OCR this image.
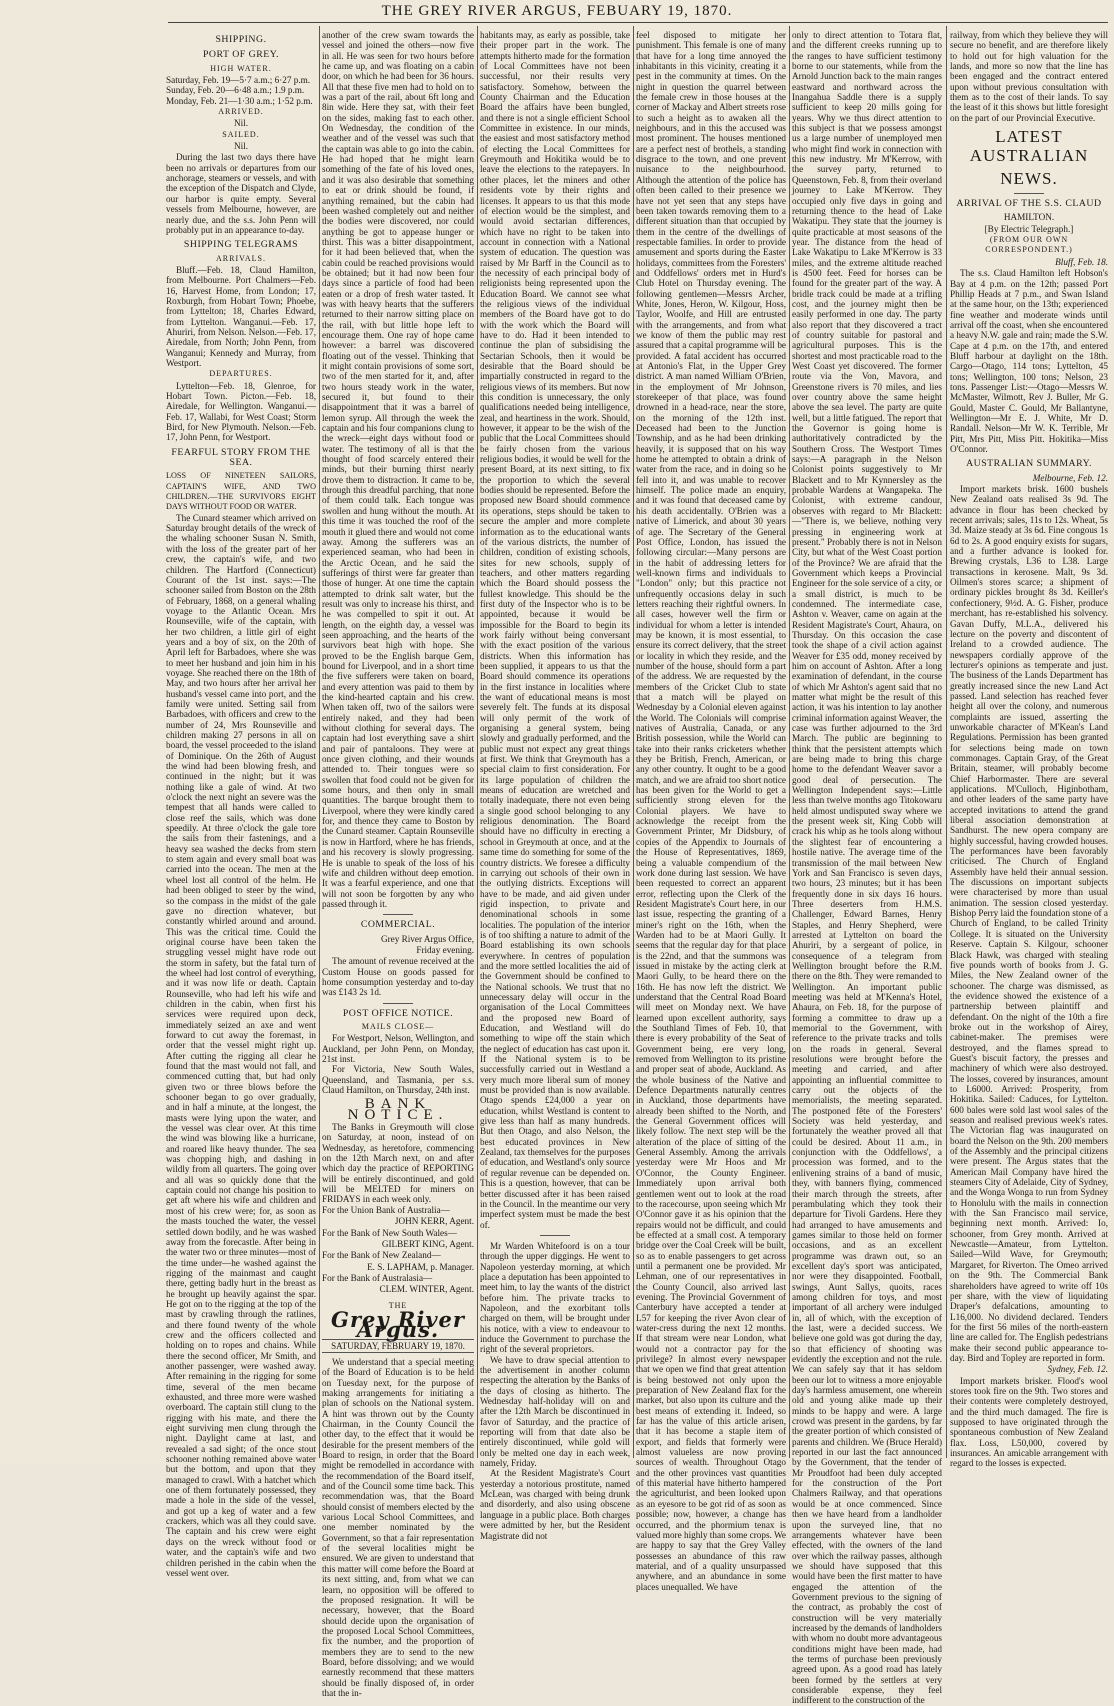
THE GREY RIVER ARGUS, FEBUARY 19, 1870.
SHIPPING.
PORT OF GREY.
HIGH WATER.

Saturday, Feb. 19—5·7 a.m.; 6·27 p.m.

Sunday, Feb. 20—6·48 a.m.; 1.9 p.m.

Monday, Feb. 21—1·30 a.m.; 1·52 p.m.

ARRIVED.
Nil.
SAILED.
Nil.

During the last two days there have been no arrivals or departures from our anchorage, steamers or vessels, and with the exception of the Dispatch and Clyde, our harbor is quite empty. Several vessels from Melbourne, however, are nearly due, and the s.s. John Penn will probably put in an appearance to-day.

SHIPPING TELEGRAMS
ARRIVALS.

Bluff.—Feb. 18, Claud Hamilton, from Melbourne. Port Chalmers—Feb. 16, Harvest Home, from London; 17, Roxburgh, from Hobart Town; Phoebe, from Lyttelton; 18, Charles Edward, from Lyttelton. Wanganui.—Feb. 17, Ahuriri, from Nelson. Nelson.—Feb. 17, Airedale, from North; John Penn, from Wanganui; Kennedy and Murray, from Westport.

DEPARTURES.

Lyttelton—Feb. 18, Glenroe, for Hobart Town. Picton.—Feb. 18, Airedale, for Wellington. Wanganui.—Feb. 17, Wallabi, for West Coast; Storm Bird, for New Plymouth. Nelson.—Feb. 17, John Penn, for Westport.

FEARFUL STORY FROM THE SEA.

LOSS OF NINETEEN SAILORS, CAPTAIN'S WIFE, AND TWO CHILDREN.—THE SURVIVORS EIGHT DAYS WITHOUT FOOD OR WATER.

The Cunard steamer which arrived on Saturday brought details of the wreck of the whaling schooner Susan N. Smith, with the loss of the greater part of her crew, the captain's wife, and two children. The Hartford (Connecticut) Courant of the 1st inst. says:—The schooner sailed from Boston on the 28th of February, 1868, on a general whaling voyage to the Atlantic Ocean. Mrs Rounseville, wife of the captain, with her two children, a little girl of eight years and a boy of six, on the 20th of April left for Barbadoes, where she was to meet her husband and join him in his voyage. She reached there on the 18th of May, and two hours after her arrival her husband's vessel came into port, and the family were united. Setting sail from Barbadoes, with officers and crew to the number of 24, Mrs Rounseville and children making 27 persons in all on board, the vessel proceeded to the island of Dominique. On the 26th of August the wind had been blowing fresh, and continued in the night; but it was nothing like a gale of wind. At two o'clock the next night an severe was the tempest that all hands were called to close reef the sails, which was done speedily. At three o'clock the gale tore the sails from their fastenings, and a heavy sea washed the decks from stern to stem again and every small boat was carried into the ocean. The men at the wheel lost all control of the helm. He had been obliged to steer by the wind, so the compass in the midst of the gale gave no direction whatever, but constantly whirled around and around. This was the critical time. Could the original course have been taken the struggling vessel might have rode out the storm in safety, but the fatal turn of the wheel had lost control of everything, and it was now life or death. Captain Rounseville, who had left his wife and children in the cabin, when first his services were required upon deck, immediately seized an axe and went forward to cut away the foremast, in order that the vessel might right up. After cutting the rigging all clear he found that the mast would not fall, and commenced cutting that, but had only given two or three blows before the schooner began to go over gradually, and in half a minute, at the longest, the masts were lying upon the water, and the vessel was clear over. At this time the wind was blowing like a hurricane, and roared like heavy thunder. The sea was chopping high, and dashing in wildly from all quarters. The going over and all was so quickly done that the captain could not change his position to get aft where his wife and children and most of his crew were; for, as soon as the masts touched the water, the vessel settled down bodily, and he was washed away from the forecastle. After being in the water two or three minutes—most of the time under—he washed against the rigging of the mainmast and caught there, getting badly hurt in the breast as he brought up heavily against the spar. He got on to the rigging at the top of the mast by crawling through the ratlines, and there found twenty of the whole crew and the officers collected and holding on to ropes and chains. While there the second officer, Mr Smith, and another passenger, were washed away. After remaining in the rigging for some time, several of the men became exhausted, and three more were washed overboard. The captain still clung to the rigging with his mate, and there the eight surviving men clung through the night. Daylight came at last, and revealed a sad sight; of the once stout schooner nothing remained above water but the bottom, and upon that they managed to crawl. With a hatchet which one of them fortunately possessed, they made a hole in the side of the vessel, and got up a keg of water and a few crackers, which was all they could save. The captain and his crew were eight days on the wreck without food or water, and the captain's wife and two children perished in the cabin when the vessel went over.

another of the crew swam towards the vessel and joined the others—now five in all. He was seen for two hours before he came up, and was floating on a cabin door, on which he had been for 36 hours. All that these five men had to hold on to was a part of the rail, about 6ft long and 8in wide. Here they sat, with their feet on the sides, making fast to each other. On Wednesday, the condition of the weather and of the vessel was such that the captain was able to go into the cabin. He had hoped that he might learn something of the fate of his loved ones, and it was also desirable that something to eat or drink should be found, if anything remained, but the cabin had been washed completely out and neither the bodies were discovered, nor could anything be got to appease hunger or thirst. This was a bitter disappointment, for it had been believed that, when the cabin could be reached provisions would be obtained; but it had now been four days since a particle of food had been eaten or a drop of fresh water tasted. It was with heavy hearts that the sufferers returned to their narrow sitting place on the rail, with but little hope left to encourage them. One ray of hope came however: a barrel was discovered floating out of the vessel. Thinking that it might contain provisions of some sort, two of the men started for it, and, after two hours steady work in the water, secured it, but found to their disappointment that it was a barrel of lemon syrup. All through the week the captain and his four companions clung to the wreck—eight days without food or water. The testimony of all is that the thought of food scarcely entered their minds, but their burning thirst nearly drove them to distraction. It came to be, through this dreadful parching, that none of them could talk. Each tongue was swollen and hung without the mouth. At this time it was touched the roof of the mouth it glued there and would not come away. Among the sufferers was an experienced seaman, who had been in the Arctic Ocean, and he said the sufferings of thirst were far greater than those of hunger. At one time the captain attempted to drink salt water, but the result was only to increase his thirst, and he was compelled to spit it out. At length, on the eighth day, a vessel was seen approaching, and the hearts of the survivors beat high with hope. She proved to be the English barque Gem, bound for Liverpool, and in a short time the five sufferers were taken on board, and every attention was paid to them by the kind-hearted captain and his crew. When taken off, two of the sailors were entirely naked, and they had been without clothing for several days. The captain had lost everything save a shirt and pair of pantaloons. They were at once given clothing, and their wounds attended to. Their tongues were so swollen that food could not be given for some hours, and then only in small quantities. The barque brought them to Liverpool, where they were kindly cared for, and thence they came to Boston by the Cunard steamer. Captain Rounseville is now in Hartford, where he has friends, and his recovery is slowly progressing. He is unable to speak of the loss of his wife and children without deep emotion. It was a fearful experience, and one that will not soon be forgotten by any who passed through it.

COMMERCIAL.
Grey River Argus Office,
Friday evening.

The amount of revenue received at the Custom House on goods passed for home consumption yesterday and to-day was £143 2s 1d.

POST OFFICE NOTICE.
MAILS CLOSE—

For Westport, Nelson, Wellington, and Auckland, per John Penn, on Monday, 21st inst.

For Victoria, New South Wales, Queensland, and Tasmania, per s.s. Claud Hamilton, on Thursday, 24th inst.

BANK NOTICE.

The Banks in Greymouth will close on Saturday, at noon, instead of on Wednesday, as heretofore, commencing on the 12th March next, on and after which day the practice of REPORTING will be entirely discontinued, and gold will be MELTED for miners on FRIDAYS in each week only.

For the Union Bank of Australia—

JOHN KERR, Agent.

For the Bank of New South Wales—

GILBERT KING, Agent.

For the Bank of New Zealand—

E. S. LAPHAM, p. Manager.

For the Bank of Australasia—

CLEM. WINTER, Agent.
THE
Grey River Argus.
SATURDAY, FEBRUARY 19, 1870.

We understand that a special meeting of the Board of Education is to be held on Tuesday next, for the purpose of making arrangements for initiating a plan of schools on the National system. A hint was thrown out by the County Chairman, in the County Council the other day, to the effect that it would be desirable for the present members of the Board to resign, in order that the Board might be remodelled in accordance with the recommendation of the Board itself, and of the Council some time back. This recommendation was, that the Board should consist of members elected by the various Local School Committees, and one member nominated by the Government, so that a fair representation of the several localities might be ensured. We are given to understand that this matter will come before the Board at its next sitting, and, from what we can learn, no opposition will be offered to the proposed resignation. It will be necessary, however, that the Board should decide upon the organisation of the proposed Local School Committees, fix the number, and the proportion of members they are to send to the new Board, before dissolving; and we would earnestly recommend that these matters should be finally disposed of, in order that the in-

habitants may, as early as possible, take their proper part in the work. The attempts hitherto made for the formation of Local Committees have not been successful, nor their results very satisfactory. Somehow, between the County Chairman and the Education Board the affairs have been bungled, and there is not a single efficient School Committee in existence. In our minds, the easiest and most satisfactory method of electing the Local Committees for Greymouth and Hokitika would be to leave the elections to the ratepayers. In other places, let the miners and other residents vote by their rights and licenses. It appears to us that this mode of election would be the simplest, and would avoid sectarian differences, which have no right to be taken into account in connection with a National system of education. The question was raised by Mr Barff in the Council as to the necessity of each principal body of religionists being represented upon the Education Board. We cannot see what the religious views of the individual members of the Board have got to do with the work which the Board will have to do. Had it been intended to continue the plan of subsidising the Sectarian Schools, then it would be desirable that the Board should be impartially constructed in regard to the religious views of its members. But now this condition is unnecessary, the only qualifications needed being intelligence, zeal, and heartiness in the work. Should, however, it appear to be the wish of the public that the Local Committees should be fairly chosen from the various religious bodies, it would be well for the present Board, at its next sitting, to fix the proportion to which the several bodies should be represented. Before the proposed new Board should commence its operations, steps should be taken to secure the ampler and more complete information as to the educational wants of the various districts, the number of children, condition of existing schools, sites for new schools, supply of teachers, and other matters regarding which the Board should possess the fullest knowledge. This should be the first duty of the Inspector who is to be appointed, because it would be impossible for the Board to begin its work fairly without being conversant with the exact position of the various districts. When this information has been supplied, it appears to us that the Board should commence its operations in the first instance in localities where the want of educational means is most severely felt. The funds at its disposal will only permit of the work of organising a general system, being slowly and gradually performed, and the public must not expect any great things at first. We think that Greymouth has a special claim to first consideration. For its large population of children the means of education are wretched and totally inadequate, there not even being a single good school belonging to any religious denomination. The Board should have no difficulty in erecting a school in Greymouth at once, and at the same time do something for some of the country districts. We foresee a difficulty in carrying out schools of their own in the outlying districts. Exceptions will have to be made, and aid given under rigid inspection, to private and denominational schools in some localities. The population of the interior is of too shifting a nature to admit of the Board establishing its own schools everywhere. In centres of population and the more settled localities the aid of the Government should be confined to the National schools. We trust that no unnecessary delay will occur in the organisation of the Local Committees and the proposed new Board of Education, and Westland will do something to wipe off the stain which the neglect of education has cast upon it. If the National system is to be successfully carried out in Westland a very much more liberal sum of money must be provided than is now available. Otago spends £24,000 a year on education, whilst Westland is content to give less than half as many hundreds. But then Otago, and also Nelson, the best educated provinces in New Zealand, tax themselves for the purposes of education, and Westland's only source of regular revenue can be depended on. This is a question, however, that can be better discussed after it has been raised in the Council. In the meantime our very imperfect system must be made the best of.

Mr Warden Whitefoord is on a tour through the upper diggings. He went to Napoleon yesterday morning, at which place a deputation has been appointed to meet him, to lay the wants of the district before him. The private tracks to Napoleon, and the exorbitant tolls charged on them, will be brought under his notice, with a view to endeavour to induce the Government to purchase the right of the several proprietors.

We have to draw special attention to the advertisement in another column respecting the alteration by the Banks of the days of closing as hitherto. The Wednesday half-holiday will on and after the 12th March be discontinued in favor of Saturday, and the practice of reporting will from that date also be entirely discontinued, while gold will only be melted one day in each week, namely, Friday.

At the Resident Magistrate's Court yesterday a notorious prostitute, named McLean, was charged with being drunk and disorderly, and also using obscene language in a public place. Both charges were admitted by her, but the Resident Magistrate did not

feel disposed to mitigate her punishment. This female is one of many that have for a long time annoyed the inhabitants in this vicinity, creating it a pest in the community at times. On the night in question the quarrel between the female crew in those houses at the corner of Mackay and Albert streets rose to such a height as to awaken all the neighbours, and in this the accused was most prominent. The houses mentioned are a perfect nest of brothels, a standing disgrace to the town, and one prevent nuisance to the neighbourhood. Although the attention of the police has often been called to their presence we have not yet seen that any steps have been taken towards removing them to a different situation than that occupied by them in the centre of the dwellings of respectable families. In order to provide amusement and sports during the Easter holidays, committees from the Foresters' and Oddfellows' orders met in Hurd's Club Hotel on Thursday evening. The following gentlemen—Messrs Archer, White, Jones, Heron, W. Kilgour, Hoss, Taylor, Woolfe, and Hill are entrusted with the arrangements, and from what we know of them the public may rest assured that a capital programme will be provided. A fatal accident has occurred at Antonio's Flat, in the Upper Grey district. A man named William O'Brien, in the employment of Mr Johnson, storekeeper of that place, was found drowned in a head-race, near the store, on the morning of the 12th inst. Deceased had been to the Junction Township, and as he had been drinking heavily, it is supposed that on his way home he attempted to obtain a drink of water from the race, and in doing so he fell into it, and was unable to recover himself. The police made an enquiry, and it was found that deceased came by his death accidentally. O'Brien was a native of Limerick, and about 30 years of age. The Secretary of the General Post Office, London, has issued the following circular:—Many persons are in the habit of addressing letters for well-known firms and individuals to "London" only; but this practice not unfrequently occasions delay in such letters reaching their rightful owners. In all cases, however well the firm or individual for whom a letter is intended may be known, it is most essential, to ensure its correct delivery, that the street or locality in which they reside, and the number of the house, should form a part of the address. We are requested by the members of the Cricket Club to state that a match will be played on Wednesday by a Colonial eleven against the World. The Colonials will comprise natives of Australia, Canada, or any British possession, while the World can take into their ranks cricketers whether they be British, French, American, or any other country. It ought to be a good match, and we are afraid too short notice has been given for the World to get a sufficiently strong eleven for the Colonial players. We have to acknowledge the receipt from the Government Printer, Mr Didsbury, of copies of the Appendix to Journals of the House of Representatives, 1869, being a valuable compendium of the work done during last session. We have been requested to correct an apparent error, reflecting upon the Clerk of the Resident Magistrate's Court here, in our last issue, respecting the granting of a miner's right on the 16th, when the Warden had to be at Maori Gully. It seems that the regular day for that place is the 22nd, and that the summons was issued in mistake by the acting clerk at Maori Gully, to be heard there on the 16th. He has now left the district. We understand that the Central Road Board will meet on Monday next. We have learned upon excellent authority, says the Southland Times of Feb. 10, that there is every probability of the Seat of Government being, ere very long, removed from Wellington to its pristine and proper seat of abode, Auckland. As the whole business of the Native and Defence Departments naturally centres in Auckland, those departments have already been shifted to the North, and the General Government offices will likely follow. The next step will be the alteration of the place of sitting of the General Assembly. Among the arrivals yesterday were Mr Hoos and Mr O'Connor, the County Engineer. Immediately upon arrival both gentlemen went out to look at the road to the racecourse, upon seeing which Mr O'Connor gave it as his opinion that the repairs would not be difficult, and could be effected at a small cost. A temporary bridge over the Coal Creek will be built, so as to enable passengers to get across until a permanent one be provided. Mr Lehman, one of our representatives in the County Council, also arrived last evening. The Provincial Government of Canterbury have accepted a tender at L57 for keeping the river Avon clear of water-cress during the next 12 months. If that stream were near London, what would not a contractor pay for the privilege? In almost every newspaper that we open we find that great attention is being bestowed not only upon the preparation of New Zealand flax for the market, but also upon its culture and the best means of extending it. Indeed, so far has the value of this article arisen, that it has become a staple item of export, and fields that formerly were almost valueless are now proving sources of wealth. Throughout Otago and the other provinces vast quantities of this material have hitherto hampered the agriculturist, and been looked upon as an eyesore to be got rid of as soon as possible; now, however, a change has occurred, and the phormium tenax is valued more highly than some crops. We are happy to say that the Grey Valley possesses an abundance of this raw material, and of a quality unsurpassed anywhere, and an abundance in some places unequalled. We have

only to direct attention to Totara flat, and the different creeks running up to the ranges to have sufficient testimony borne to our statements, while from the Arnold Junction back to the main ranges eastward and northward across the Inangahua Saddle there is a supply sufficient to keep 20 mills going for years. Why we thus direct attention to this subject is that we possess amongst us a large number of unemployed men who might find work in connection with this new industry. Mr M'Kerrow, with the survey party, returned to Queenstown, Feb. 8, from their overland journey to Lake M'Kerrow. They occupied only five days in going and returning thence to the head of Lake Wakatipu. They state that the journey is quite practicable at most seasons of the year. The distance from the head of Lake Wakatipu to Lake M'Kerrow is 33 miles, and the extreme altitude reached is 4500 feet. Feed for horses can be found for the greater part of the way. A bridle track could be made at a trifling cost, and the journey might then be easily performed in one day. The party also report that they discovered a tract of country suitable for pastoral and agricultural purposes. This is the shortest and most practicable road to the West Coast yet discovered. The former route via the Von, Mavora, and Greenstone rivers is 70 miles, and lies over country above the same height above the sea level. The party are quite well, but a little fatigued. The report that the Governor is going home is authoritatively contradicted by the Southern Cross. The Westport Times says:—A paragraph in the Nelson Colonist points suggestively to Mr Blackett and to Mr Kynnersley as the probable Wardens at Wangapeka. The Colonist, with extreme candour, observes with regard to Mr Blackett:—"There is, we believe, nothing very pressing in engineering work at present." Probably there is not in Nelson City, but what of the West Coast portion of the Province? We are afraid that the Government which keeps a Provincial Engineer for the sole service of a city, or a small district, is much to be condemned. The intermediate case, Ashton v. Weaver, came on again at the Resident Magistrate's Court, Ahaura, on Thursday. On this occasion the case took the shape of a civil action against Weaver for £35 odd, money received by him on account of Ashton. After a long examination of defendant, in the course of which Mr Ashton's agent said that no matter what might be the result of this action, it was his intention to lay another criminal information against Weaver, the case was further adjourned to the 3rd March. The public are beginning to think that the persistent attempts which are being made to bring this charge home to the defendant Weaver savor a good deal of persecution. The Wellington Independent says:—Little less than twelve months ago Titokowaru held almost undisputed sway where we the present week sit, King Cobb will crack his whip as he tools along without the slightest fear of encountering a hostile native. The average time of the transmission of the mail between New York and San Francisco is seven days, two hours, 23 minutes; but it has been frequently done in six days 16 hours. Three deserters from H.M.S. Challenger, Edward Barnes, Henry Staples, and Henry Shepherd, were arrested at Lyttelton on board the Ahuriri, by a sergeant of police, in consequence of a telegram from Wellington brought before the R.M. there on the 8th. They were remanded to Wellington. An important public meeting was held at M'Kenna's Hotel, Ahaura, on Feb. 18, for the purpose of forming a committee to draw up a memorial to the Government, with reference to the private tracks and tolls on the roads in general. Several resolutions were brought before the meeting and carried, and after appointing an influential committee to carry out the objects of the memorialists, the meeting separated. The postponed fête of the Foresters' Society was held yesterday, and fortunately the weather proved all that could be desired. About 11 a.m., in conjunction with the Oddfellows', a procession was formed, and to the enlivening strains of a band of music, they, with banners flying, commenced their march through the streets, after perambulating which they took their departure for Tivoli Gardens. Here they had arranged to have amusements and games similar to those held on former occasions, and as an excellent programme was drawn out, so an excellent day's sport was anticipated, nor were they disappointed. Football, swings, Aunt Sallys, quoits, races among children for toys, and most important of all archery were indulged in, all of which, with the exception of the last, were a decided success. We believe one gold was got during the day, so that efficiency of shooting was evidently the exception and not the rule. We can safely say that it has seldom been our lot to witness a more enjoyable day's harmless amusement, one wherein old and young alike made up their minds to be happy and were. A large crowd was present in the gardens, by far the greater portion of which consisted of parents and children. We (Bruce Herald) reported in our last the fact announced by the Government, that the tender of Mr Proudfoot had been duly accepted for the construction of the Port Chalmers Railway, and that operations would be at once commenced. Since then we have heard from a landholder upon the surveyed line, that no arrangements whatever have been effected, with the owners of the land over which the railway passes, although we should have supposed that this would have been the first matter to have engaged the attention of the Government previous to the signing of the contract, as probably the cost of construction will be very materially increased by the demands of landholders with whom no doubt more advantageous conditions might have been made, had the terms of purchase been previously agreed upon. As a good road has lately been formed by the settlers at very considerable expense, they feel indifferent to the construction of the

railway, from which they believe they will secure no benefit, and are therefore likely to hold out for high valuation for the lands, and more so now that the line has been engaged and the contract entered upon without previous consultation with them as to the cost of their lands. To say the least of it this shows but little foresight on the part of our Provincial Executive.

LATEST AUSTRALIAN
NEWS.
ARRIVAL OF THE S.S. CLAUD
HAMILTON.
[By Electric Telegraph.]
(FROM OUR OWN CORRESPONDENT.)
Bluff, Feb. 18.

The s.s. Claud Hamilton left Hobson's Bay at 4 p.m. on the 12th; passed Port Phillip Heads at 7 p.m., and Swan Island at the same hour, on the 13th; experienced fine weather and moderate winds until arrival off the coast, when she encountered a heavy N.W. gale and rain; made the S.W. Cape at 4 p.m. on the 17th, and entered Bluff harbour at daylight on the 18th. Cargo—Otago, 114 tons; Lyttelton, 45 tons; Wellington, 100 tons; Nelson, 23 tons. Passenger List:—Otago—Messrs W. McMaster, Wilmott, Rev J. Buller, Mr G. Gould, Master C. Gould, Mr Ballantyne, Wellington—Mr E. J. White, Mr D. Randall. Nelson—Mr W. K. Terrible, Mr Pitt, Mrs Pitt, Miss Pitt. Hokitika—Miss O'Connor.

AUSTRALIAN SUMMARY.
Melbourne, Feb. 12.

Import markets brisk. 1600 bushels New Zealand oats realised 3s 9d. The advance in flour has been checked by recent arrivals; sales, 11s to 12s. Wheat, 5s 3d. Maize steady at 3s 6d. Fine congous 1s 6d to 2s. A good enquiry exists for sugars, and a further advance is looked for. Brewing crystals, L36 to L38. Large transactions in kerosene. Malt, 9s 3d. Oilmen's stores scarce; a shipment of ordinary pickles brought 8s 3d. Keiller's confectionery, 9½d. A. G. Fisher, produce merchant, has re-established his solvency. Gavan Duffy, M.L.A., delivered his lecture on the poverty and discontent of Ireland to a crowded audience. The newspapers cordially approve of the lecturer's opinions as temperate and just. The business of the Lands Department has greatly increased since the new Land Act passed. Land selection has reached fever height all over the colony, and numerous complaints are issued, asserting the unworkable character of M'Kean's Land Regulations. Permission has been granted for selections being made on town commonages. Captain Gray, of the Great Britain, steamer, will probably become Chief Harbormaster. There are several applications. M'Culloch, Higinbotham, and other leaders of the same party have accepted invitations to attend the grand liberal association demonstration at Sandhurst. The new opera company are highly successful, having crowded houses. The performances have been favorably criticised. The Church of England Assembly have held their annual session. The discussions on important subjects were characterised by more than usual animation. The session closed yesterday. Bishop Perry laid the foundation stone of a Church of England, to be called Trinity College. It is situated on the University Reserve. Captain S. Kilgour, schooner Black Hawk, was charged with stealing five pounds worth of books from J. G. Miles, the New Zealand owner of the schooner. The charge was dismissed, as the evidence showed the existence of a partnership between plaintiff and defendant. On the night of the 10th a fire broke out in the workshop of Airey, cabinet-maker. The premises were destroyed, and the flames spread to Guest's biscuit factory, the presses and machinery of which were also destroyed. The losses, covered by insurances, amount to L6000. Arrived: Prosperity, from Hokitika. Sailed: Caduces, for Lyttelton. 600 bales were sold last wool sales of the season and realised previous week's rates. The Victorian flag was inaugurated on board the Nelson on the 9th. 200 members of the Assembly and the principal citizens were present. The Argus states that the American Mail Company have hired the steamers City of Adelaide, City of Sydney, and the Wonga Wonga to run from Sydney to Honolulu with the mails in connection with the San Francisco mail service, beginning next month. Arrived: Io, schooner, from Grey month. Arrived at Newcastle—Amateur, from Lyttelton. Sailed—Wild Wave, for Greymouth; Margaret, for Riverton. The Omeo arrived on the 9th. The Commercial Bank shareholders have agreed to write off 10s per share, with the view of liquidating Draper's defalcations, amounting to L16,000. No dividend declared. Tenders for the first 56 miles of the north-eastern line are called for. The English pedestrians make their second public appearance to-day. Bird and Topley are reported in form.

Sydney, Feb. 12.

Import markets brisker. Flood's wool stores took fire on the 9th. Two stores and their contents were completely destroyed, and the third much damaged. The fire is supposed to have originated through the spontaneous combustion of New Zealand flax. Loss, L50,000, covered by insurances. An amicable arrangement with regard to the losses is expected.
